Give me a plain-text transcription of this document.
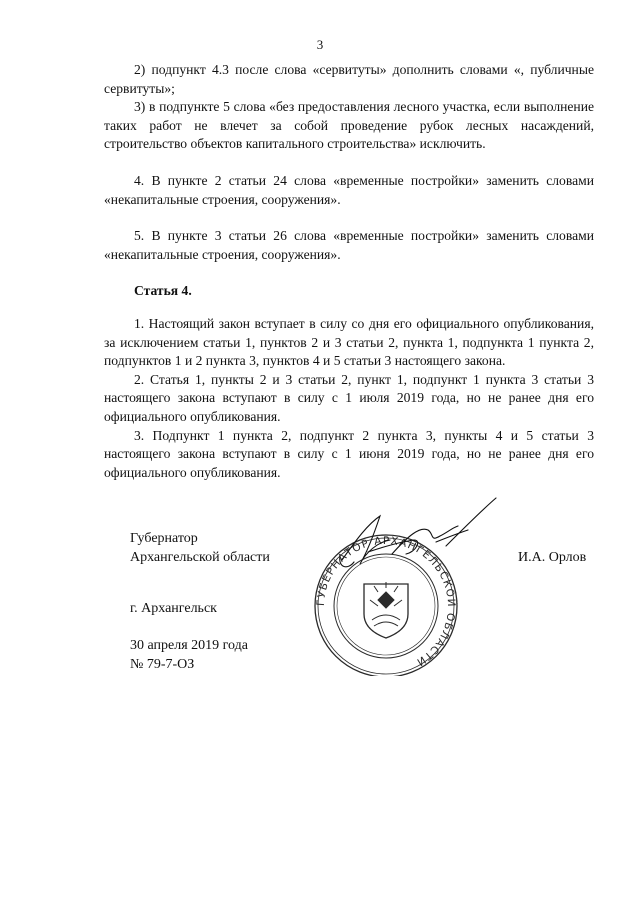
3

2) подпункт 4.3 после слова «сервитуты» дополнить словами «, публичные сервитуты»;

3) в подпункте 5 слова «без предоставления лесного участка, если выполнение таких работ не влечет за собой проведение рубок лесных насаждений, строительство объектов капитального строительства» исключить.

4. В пункте 2 статьи 24 слова «временные постройки» заменить словами «некапитальные строения, сооружения».

5. В пункте 3 статьи 26 слова «временные постройки» заменить словами «некапитальные строения, сооружения».

Статья 4.

1. Настоящий закон вступает в силу со дня его официального опубликования, за исключением статьи 1, пунктов 2 и 3 статьи 2, пункта 1, подпункта 1 пункта 2, подпунктов 1 и 2 пункта 3, пунктов 4 и 5 статьи 3 настоящего закона.

2. Статья 1, пункты 2 и 3 статьи 2, пункт 1, подпункт 1 пункта 3 статьи 3 настоящего закона вступают в силу с 1 июля 2019 года, но не ранее дня его официального опубликования.

3. Подпункт 1 пункта 2, подпункт 2 пункта 3, пункты 4 и 5 статьи 3 настоящего закона вступают в силу с 1 июня 2019 года, но не ранее дня его официального опубликования.

ГУБЕРНАТОР АРХАНГЕЛЬСКОЙ ОБЛАСТИ
Губернатор
Архангельской области	И.А. Орлов
г. Архангельск
30 апреля 2019 года
№ 79-7-ОЗ
